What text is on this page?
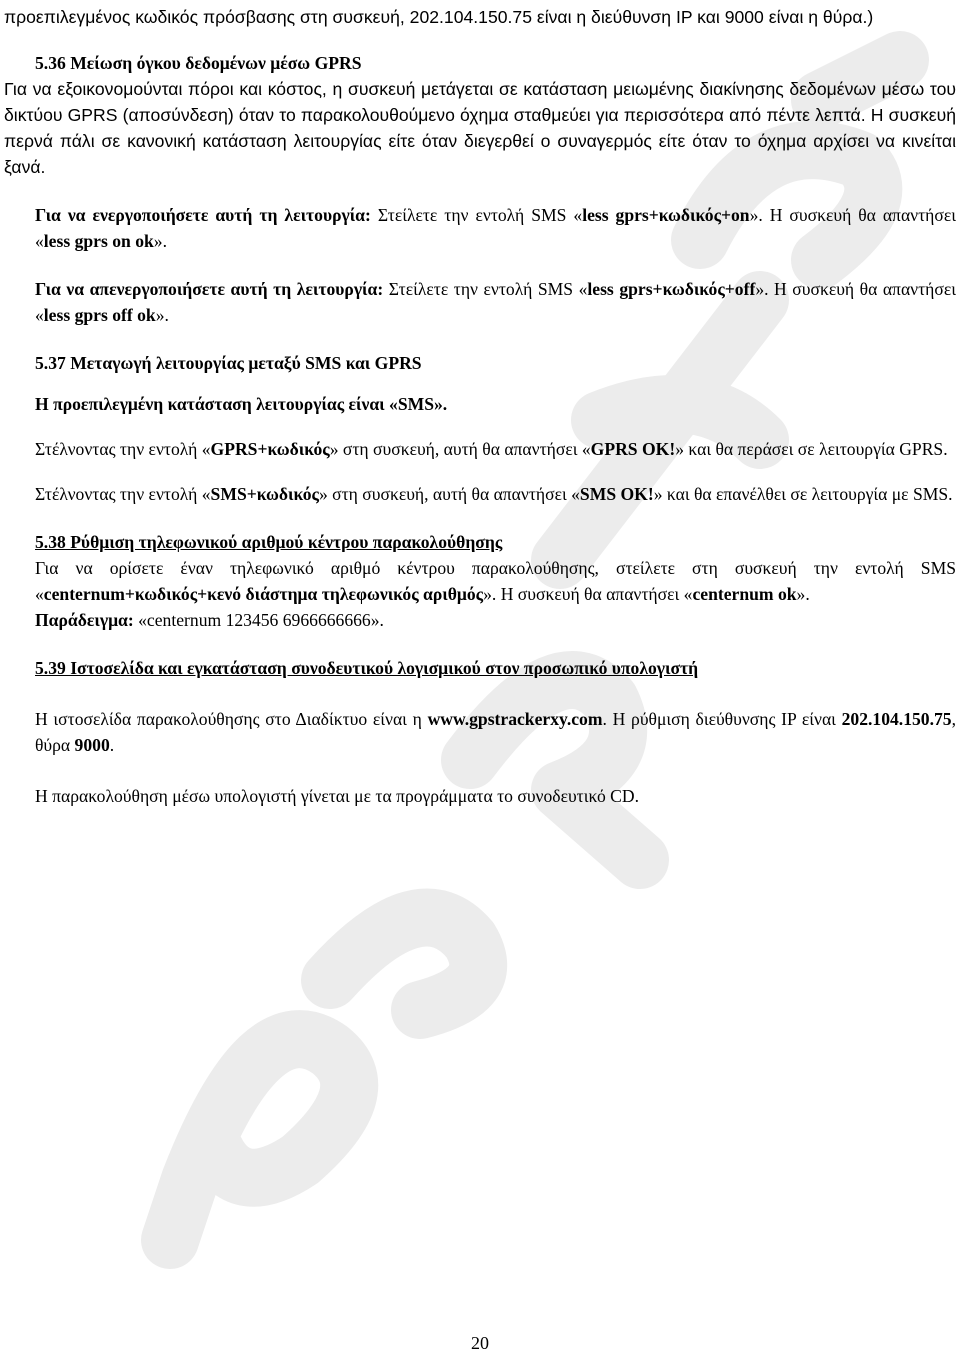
προεπιλεγμένος κωδικός πρόσβασης στη συσκευή, 202.104.150.75 είναι η διεύθυνση IP και 9000 είναι η θύρα.)

5.36 Μείωση όγκου δεδομένων μέσω GPRS

Για να εξοικονομούνται πόροι και κόστος, η συσκευή μετάγεται σε κατάσταση μειωμένης διακίνησης δεδομένων μέσω του δικτύου GPRS (αποσύνδεση) όταν το παρακολουθούμενο όχημα σταθμεύει για περισσότερα από πέντε λεπτά. Η συσκευή περνά πάλι σε κανονική κατάσταση λειτουργίας είτε όταν διεγερθεί ο συναγερμός είτε όταν το όχημα αρχίσει να κινείται ξανά.

Για να ενεργοποιήσετε αυτή τη λειτουργία: Στείλετε την εντολή SMS «less gprs+κωδικός+on». Η συσκευή θα απαντήσει «less gprs on ok».

Για να απενεργοποιήσετε αυτή τη λειτουργία: Στείλετε την εντολή SMS «less gprs+κωδικός+off». Η συσκευή θα απαντήσει «less gprs off ok».

5.37 Μεταγωγή λειτουργίας μεταξύ SMS και GPRS

Η προεπιλεγμένη κατάσταση λειτουργίας είναι «SMS».

Στέλνοντας την εντολή «GPRS+κωδικός» στη συσκευή, αυτή θα απαντήσει «GPRS OK!» και θα περάσει σε λειτουργία GPRS.

Στέλνοντας την εντολή «SMS+κωδικός» στη συσκευή, αυτή θα απαντήσει «SMS OK!» και θα επανέλθει σε λειτουργία με SMS.

5.38 Ρύθμιση τηλεφωνικού αριθμού κέντρου παρακολούθησης

Για να ορίσετε έναν τηλεφωνικό αριθμό κέντρου παρακολούθησης, στείλετε στη συσκευή την εντολή SMS «centernum+κωδικός+κενό διάστημα τηλεφωνικός αριθμός». Η συσκευή θα απαντήσει «centernum ok».

Παράδειγμα: «centernum 123456 6966666666».

5.39 Ιστοσελίδα και εγκατάσταση συνοδευτικού λογισμικού στον προσωπικό υπολογιστή

Η ιστοσελίδα παρακολούθησης στο Διαδίκτυο είναι η www.gpstrackerxy.com. Η ρύθμιση διεύθυνσης IP είναι 202.104.150.75, θύρα 9000.

Η παρακολούθηση μέσω υπολογιστή γίνεται με τα προγράμματα το συνοδευτικό CD.

20
